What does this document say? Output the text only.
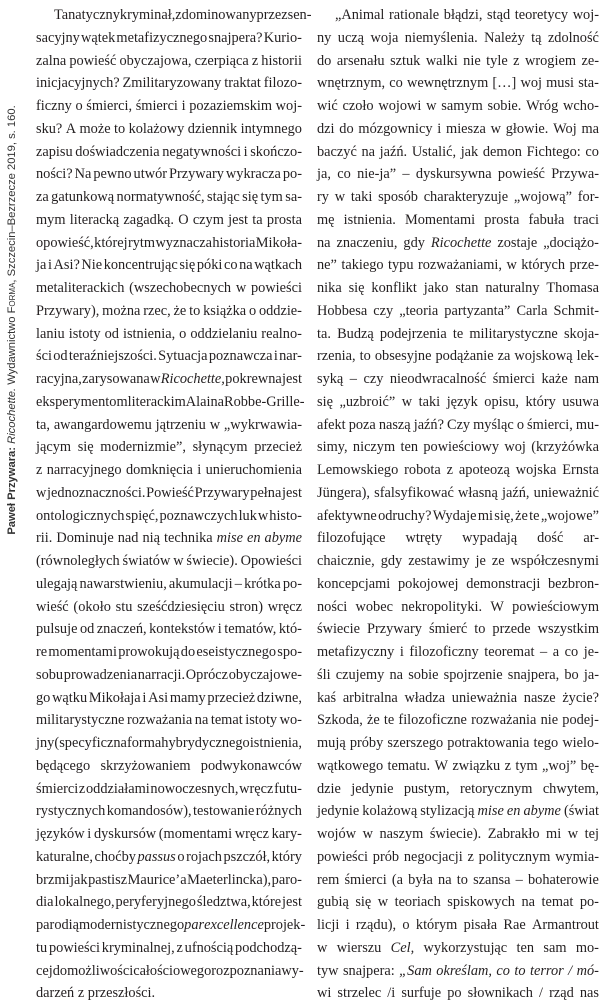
Paweł Przywara: Ricochette. Wydawnictwo Forma, Szczecin–Bezrzecze 2019, s. 160.
Tanatyczny kryminał, zdominowany przez sen-
sacyjny wątek metafizycznego snajpera? Kurio-
zalna powieść obyczajowa, czerpiąca z historii
inicjacyjnych? Zmilitaryzowany traktat filozo-
ficzny o śmierci, śmierci i pozaziemskim woj-
sku? A może to kolażowy dziennik intymnego
zapisu doświadczenia negatywności i skończo-
ności? Na pewno utwór Przywary wykracza po-
za gatunkową normatywność, stając się tym sa-
mym literacką zagadką. O czym jest ta prosta
opowieść, której rytm wyznacza historia Mikoła-
ja i Asi? Nie koncentrując się póki co na wątkach
metaliterackich (wszechobecnych w powieści
Przywary), można rzec, że to książka o oddzie-
laniu istoty od istnienia, o oddzielaniu realno-
ści od teraźniejszości. Sytuacja poznawcza i nar-
racyjna, zarysowana w Ricochette, pokrewna jest
eksperymentom literackim Alaina Robbe-Grille-
ta, awangardowemu jątrzeniu w „wykrwawia-
jącym się modernizmie”, słynącym przecież
z narracyjnego domknięcia i unieruchomienia
w jednoznaczności. Powieść Przywary pełna jest
ontologicznych spięć, poznawczych luk w histo-
rii. Dominuje nad nią technika mise en abyme
(równoległych światów w świecie). Opowieści
ulegają nawarstwieniu, akumulacji – krótka po-
wieść (około stu sześćdziesięciu stron) wręcz
pulsuje od znaczeń, kontekstów i tematów, któ-
re momentami prowokują do eseistycznego spo-
sobu prowadzenia narracji. Oprócz obyczajowe-
go wątku Mikołaja i Asi mamy przecież dziwne,
militarystyczne rozważania na temat istoty wo-
jny (specyficzna forma hybrydycznego istnienia,
będącego skrzyżowaniem podwykonawców
śmierci z oddziałami nowoczesnych, wręcz futu-
rystycznych komandosów), testowanie różnych
języków i dyskursów (momentami wręcz kary-
katuralne, choćby passus o rojach pszczół, który
brzmi jak pastisz Maurice’a Maeterlincka), paro-
dia lokalnego, peryferyjnego śledztwa, które jest
parodią modernistycznego par excellence projek-
tu powieści kryminalnej, z ufnością podchodzą-
cej do możliwości całościowego rozpoznania wy-
darzeń
z
przeszłości.
„Animal rationale błądzi, stąd teoretycy woj-
ny uczą woja niemyślenia. Należy tą zdolność
do arsenału sztuk walki nie tyle z wrogiem ze-
wnętrznym, co wewnętrznym […] woj musi sta-
wić czoło wojowi w samym sobie. Wróg wcho-
dzi do mózgownicy i miesza w głowie. Woj ma
baczyć na jaźń. Ustalić, jak demon Fichtego: co
ja, co nie-ja” – dyskursywna powieść Przywa-
ry w taki sposób charakteryzuje „wojową” for-
mę istnienia. Momentami prosta fabuła traci
na znaczeniu, gdy Ricochette zostaje „dociążo-
ne” takiego typu rozważaniami, w których prze-
nika się konflikt jako stan naturalny Thomasa
Hobbesa czy „teoria partyzanta” Carla Schmit-
ta. Budzą podejrzenia te militarystyczne skoja-
rzenia, to obsesyjne podążanie za wojskową lek-
syką – czy nieodwracalność śmierci każe nam
się „uzbroić” w taki język opisu, który usuwa
afekt poza naszą jaźń? Czy myśląc o śmierci, mu-
simy, niczym ten powieściowy woj (krzyżówka
Lemowskiego robota z apoteozą wojska Ernsta
Jüngera), sfalsyfikować własną jaźń, unieważnić
afektywne odruchy? Wydaje mi się, że te „wojowe”
filozofujące wtręty wypadają dość ar-
chaicznie, gdy zestawimy je ze współczesnymi
koncepcjami pokojowej demonstracji bezbron-
ności wobec nekropolityki. W powieściowym
świecie Przywary śmierć to przede wszystkim
metafizyczny i filozoficzny teoremat – a co je-
śli czujemy na sobie spojrzenie snajpera, bo ja-
kaś arbitralna władza unieważnia nasze życie?
Szkoda, że te filozoficzne rozważania nie podej-
mują próby szerszego potraktowania tego wielo-
wątkowego tematu. W związku z tym „woj” bę-
dzie jedynie pustym, retorycznym chwytem,
jedynie kolażową stylizacją mise en abyme (świat
wojów w naszym świecie). Zabrakło mi w tej
powieści prób negocjacji z politycznym wymia-
rem śmierci (a była na to szansa – bohaterowie
gubią się w teoriach spiskowych na temat po-
licji i rządu), o którym pisała Rae Armantrout
w wierszu Cel, wykorzystując ten sam mo-
tyw snajpera: „Sam określam, co to terror / mó-
wi strzelec /i surfuje po słownikach / rząd nas
